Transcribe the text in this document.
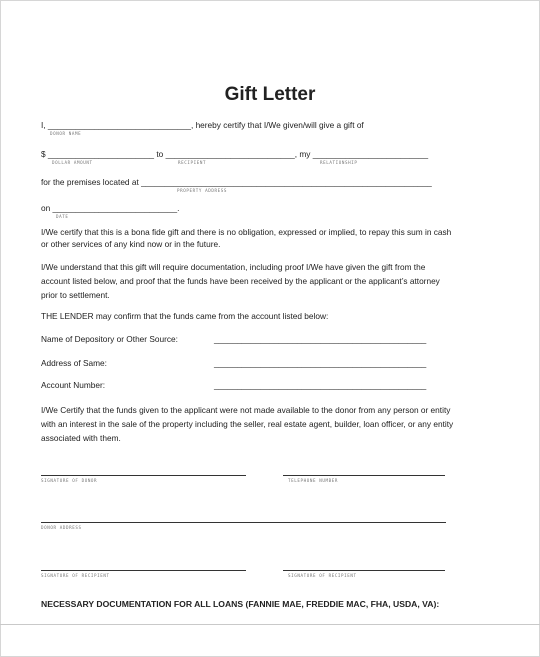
Gift Letter
I, _______________________________, hereby certify that I/We given/will give a gift of
DONOR NAME
$ _______________________ to ____________________________, my _________________________
DOLLAR AMOUNT	RECIPIENT	RELATIONSHIP
for the premises located at _______________________________________________________________
PROPERTY ADDRESS
on ___________________________.
DATE
I/We certify that this is a bona fide gift and there is no obligation, expressed or implied, to repay this sum in cash
or other services of any kind now or in the future.
I/We understand that this gift will require documentation, including proof I/We have given the gift from the
account listed below, and proof that the funds have been received by the applicant or the applicant’s attorney
prior to settlement.
THE LENDER may confirm that the funds came from the account listed below:
Name of Depository or Other Source:	______________________________________________
Address of Same:	______________________________________________
Account Number:	______________________________________________
I/We Certify that the funds given to the applicant were not made available to the donor from any person or entity
with an interest in the sale of the property including the seller, real estate agent, builder, loan officer, or any entity
associated with them.
SIGNATURE OF DONOR	TELEPHONE NUMBER
DONOR ADDRESS
SIGNATURE OF RECIPIENT	SIGNATURE OF RECIPIENT
NECESSARY DOCUMENTATION FOR ALL LOANS (FANNIE MAE, FREDDIE MAC, FHA, USDA, VA):
